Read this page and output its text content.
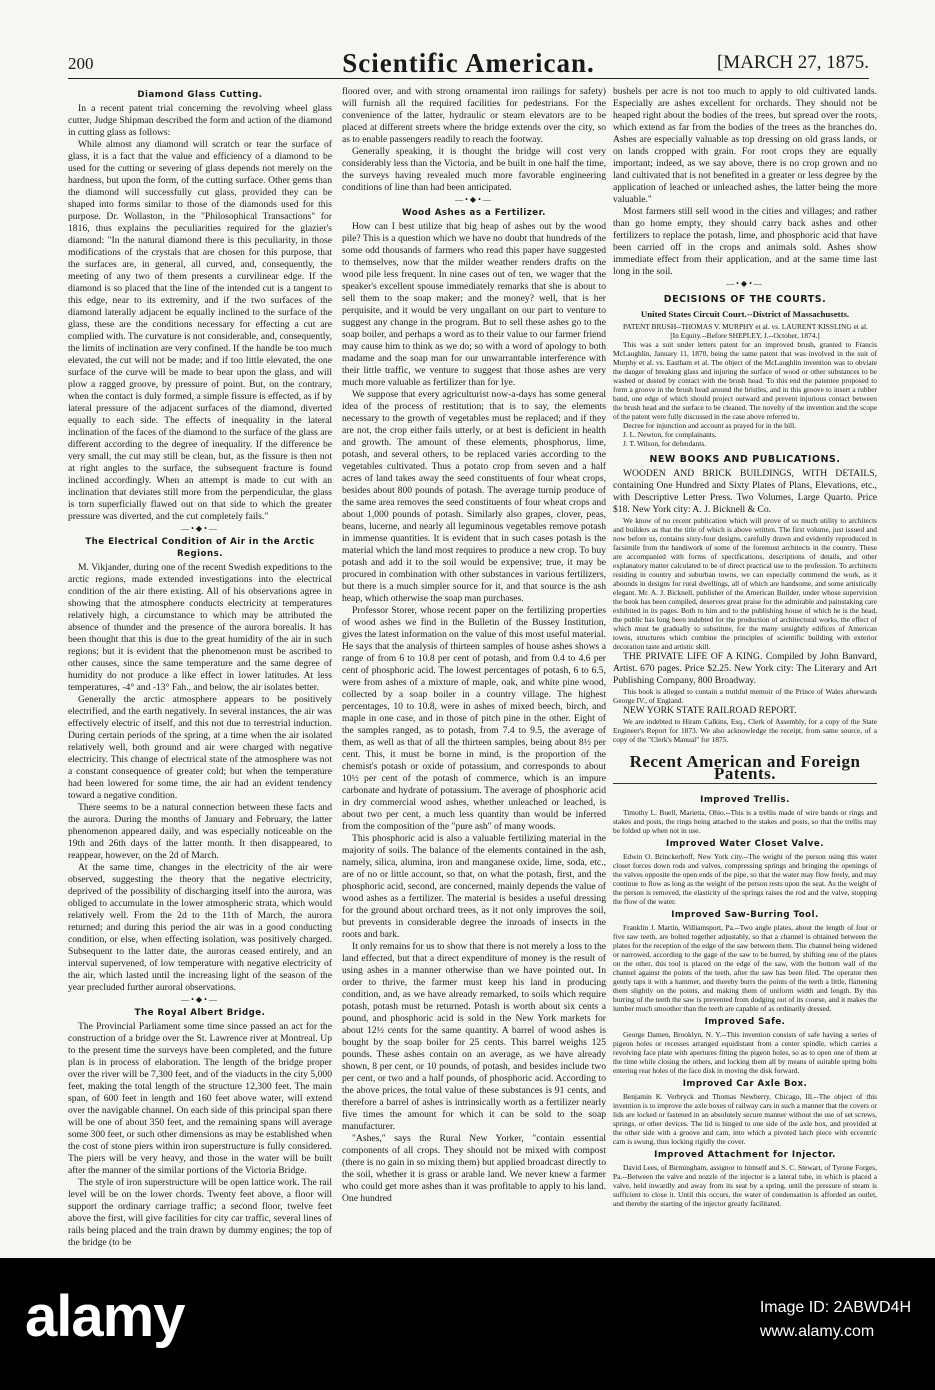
200	Scientific American.	[MARCH 27, 1875.
Diamond Glass Cutting.

In a recent patent trial concerning the revolving wheel glass cutter, Judge Shipman described the form and action of the diamond in cutting glass as follows:

While almost any diamond will scratch or tear the surface of glass, it is a fact that the value and efficiency of a diamond to be used for the cutting or severing of glass depends not merely on the hardness, but upon the form, of the cutting surface. Other gems than the diamond will successfully cut glass, provided they can be shaped into forms similar to those of the diamonds used for this purpose. Dr. Wollaston, in the "Philosophical Transactions" for 1816, thus explains the peculiarities required for the glazier's diamond: "In the natural diamond there is this peculiarity, in those modifications of the crystals that are chosen for this purpose, that the surfaces are, in general, all curved, and, consequently, the meeting of any two of them presents a curvilinear edge. If the diamond is so placed that the line of the intended cut is a tangent to this edge, near to its extremity, and if the two surfaces of the diamond laterally adjacent be equally inclined to the surface of the glass, these are the conditions necessary for effecting a cut are complied with. The curvature is not considerable, and, consequently, the limits of inclination are very confined. If the handle be too much elevated, the cut will not be made; and if too little elevated, the one surface of the curve will be made to bear upon the glass, and will plow a ragged groove, by pressure of point. But, on the contrary, when the contact is duly formed, a simple fissure is effected, as if by lateral pressure of the adjacent surfaces of the diamond, diverted equally to each side. The effects of inequality in the lateral inclination of the faces of the diamond to the surface of the glass are different according to the degree of inequality. If the difference be very small, the cut may still be clean, but, as the fissure is then not at right angles to the surface, the subsequent fracture is found inclined accordingly. When an attempt is made to cut with an inclination that deviates still more from the perpendicular, the glass is torn superficially flawed out on that side to which the greater pressure was diverted, and the cut completely fails."

—•◆•—
The Electrical Condition of Air in the Arctic Regions.

M. Vikjander, during one of the recent Swedish expeditions to the arctic regions, made extended investigations into the electrical condition of the air there existing. All of his observations agree in showing that the atmosphere conducts electricity at temperatures relatively high, a circumstance to which may be attributed the absence of thunder and the presence of the aurora borealis. It has been thought that this is due to the great humidity of the air in such regions; but it is evident that the phenomenon must be ascribed to other causes, since the same temperature and the same degree of humidity do not produce a like effect in lower latitudes. At less temperatures, -4° and -13° Fah., and below, the air isolates better.

Generally the arctic atmosphere appears to be positively electrified, and the earth negatively. In several instances, the air was effectively electric of itself, and this not due to terrestrial induction. During certain periods of the spring, at a time when the air isolated relatively well, both ground and air were charged with negative electricity. This change of electrical state of the atmosphere was not a constant consequence of greater cold; but when the temperature had been lowered for some time, the air had an evident tendency toward a negative condition.

There seems to be a natural connection between these facts and the aurora. During the months of January and February, the latter phenomenon appeared daily, and was especially noticeable on the 19th and 26th days of the latter month. It then disappeared, to reappear, however, on the 2d of March.

At the same time, changes in the electricity of the air were observed, suggesting the theory that the negative electricity, deprived of the possibility of discharging itself into the aurora, was obliged to accumulate in the lower atmospheric strata, which would relatively well. From the 2d to the 11th of March, the aurora returned; and during this period the air was in a good conducting condition, or else, when effecting isolation, was positively charged. Subsequent to the latter date, the auroras ceased entirely, and an interval supervened, of low temperature with negative electricity of the air, which lasted until the increasing light of the season of the year precluded further auroral observations.

—•◆•—
The Royal Albert Bridge.

The Provincial Parliament some time since passed an act for the construction of a bridge over the St. Lawrence river at Montreal. Up to the present time the surveys have been completed, and the future plan is in process of elaboration. The length of the bridge proper over the river will be 7,300 feet, and of the viaducts in the city 5,000 feet, making the total length of the structure 12,300 feet. The main span, of 600 feet in length and 160 feet above water, will extend over the navigable channel. On each side of this principal span there will be one of about 350 feet, and the remaining spans will average some 300 feet, or such other dimensions as may be established when the cost of stone piers within iron superstructure is fully considered. The piers will be very heavy, and those in the water will be built after the manner of the similar portions of the Victoria Bridge.

The style of iron superstructure will be open lattice work. The rail level will be on the lower chords. Twenty feet above, a floor will support the ordinary carriage traffic; a second floor, twelve feet above the first, will give facilities for city car traffic, several lines of rails being placed and the train drawn by dummy engines; the top of the bridge (to be

floored over, and with strong ornamental iron railings for safety) will furnish all the required facilities for pedestrians. For the convenience of the latter, hydraulic or steam elevators are to be placed at different streets where the bridge extends over the city, so as to enable passengers readily to reach the footway.

Generally speaking, it is thought the bridge will cost very considerably less than the Victoria, and be built in one half the time, the surveys having revealed much more favorable engineering conditions of line than had been anticipated.

—•◆•—
Wood Ashes as a Fertilizer.

How can I best utilize that big heap of ashes out by the wood pile? This is a question which we have no doubt that hundreds of the some odd thousands of farmers who read this paper have suggested to themselves, now that the milder weather renders drafts on the wood pile less frequent. In nine cases out of ten, we wager that the speaker's excellent spouse immediately remarks that she is about to sell them to the soap maker; and the money? well, that is her perquisite, and it would be very ungallant on our part to venture to suggest any change in the program. But to sell these ashes go to the soap boiler, and perhaps a word as to their value to our farmer friend may cause him to think as we do; so with a word of apology to both madame and the soap man for our unwarrantable interference with their little traffic, we venture to suggest that those ashes are very much more valuable as fertilizer than for lye.

We suppose that every agriculturist now-a-days has some general idea of the process of restitution; that is to say, the elements necessary to the growth of vegetables must be replaced; and if they are not, the crop either fails utterly, or at best is deficient in health and growth. The amount of these elements, phosphorus, lime, potash, and several others, to be replaced varies according to the vegetables cultivated. Thus a potato crop from seven and a half acres of land takes away the seed constituents of four wheat crops, besides about 800 pounds of potash. The average turnip produce of the same area removes the seed constituents of four wheat crops and about 1,000 pounds of potash. Similarly also grapes, clover, peas, beans, lucerne, and nearly all leguminous vegetables remove potash in immense quantities. It is evident that in such cases potash is the material which the land most requires to produce a new crop. To buy potash and add it to the soil would be expensive; true, it may be procured in combination with other substances in various fertilizers, but there is a much simpler source for it, and that source is the ash heap, which otherwise the soap man purchases.

Professor Storer, whose recent paper on the fertilizing properties of wood ashes we find in the Bulletin of the Bussey Institution, gives the latest information on the value of this most useful material. He says that the analysis of thirteen samples of house ashes shows a range of from 6 to 10.8 per cent of potash, and from 0.4 to 4.6 per cent of phosphoric acid. The lowest percentages of potash, 6 to 6.5, were from ashes of a mixture of maple, oak, and white pine wood, collected by a soap boiler in a country village. The highest percentages, 10 to 10.8, were in ashes of mixed beech, birch, and maple in one case, and in those of pitch pine in the other. Eight of the samples ranged, as to potash, from 7.4 to 9.5, the average of them, as well as that of all the thirteen samples, being about 8½ per cent. This, it must be borne in mind, is the proportion of the chemist's potash or oxide of potassium, and corresponds to about 10½ per cent of the potash of commerce, which is an impure carbonate and hydrate of potassium. The average of phosphoric acid in dry commercial wood ashes, whether unleached or leached, is about two per cent, a much less quantity than would be inferred from the composition of the "pure ash" of many woods.

This phosphoric acid is also a valuable fertilizing material in the majority of soils. The balance of the elements contained in the ash, namely, silica, alumina, iron and manganese oxide, lime, soda, etc., are of no or little account, so that, on what the potash, first, and the phosphoric acid, second, are concerned, mainly depends the value of wood ashes as a fertilizer. The material is besides a useful dressing for the ground about orchard trees, as it not only improves the soil, but prevents in considerable degree the inroads of insects in the roots and bark.

It only remains for us to show that there is not merely a loss to the land effected, but that a direct expenditure of money is the result of using ashes in a manner otherwise than we have pointed out. In order to thrive, the farmer must keep his land in producing condition, and, as we have already remarked, to soils which require potash, potash must be returned. Potash is worth about six cents a pound, and phosphoric acid is sold in the New York markets for about 12½ cents for the same quantity. A barrel of wood ashes is bought by the soap boiler for 25 cents. This barrel weighs 125 pounds. These ashes contain on an average, as we have already shown, 8 per cent, or 10 pounds, of potash, and besides include two per cent, or two and a half pounds, of phosphoric acid. According to the above prices, the total value of these substances is 91 cents, and therefore a barrel of ashes is intrinsically worth as a fertilizer nearly five times the amount for which it can be sold to the soap manufacturer.

"Ashes," says the Rural New Yorker, "contain essential components of all crops. They should not be mixed with compost (there is no gain in so mixing them) but applied broadcast directly to the soil, whether it is grass or arable land. We never knew a farmer who could get more ashes than it was profitable to apply to his land. One hundred

bushels per acre is not too much to apply to old cultivated lands. Especially are ashes excellent for orchards. They should not be heaped right about the bodies of the trees, but spread over the roots, which extend as far from the bodies of the trees as the branches do. Ashes are especially valuable as top dressing on old grass lands, or on lands cropped with grain. For root crops they are equally important; indeed, as we say above, there is no crop grown and no land cultivated that is not benefited in a greater or less degree by the application of leached or unleached ashes, the latter being the more valuable."

Most farmers still sell wood in the cities and villages; and rather than go home empty, they should carry back ashes and other fertilizers to replace the potash, lime, and phosphoric acid that have been carried off in the crops and animals sold. Ashes show immediate effect from their application, and at the same time last long in the soil.

—•◆•—
DECISIONS OF THE COURTS.
United States Circuit Court.--District of Massachusetts.

PATENT BRUSH--THOMAS V. MURPHY et al. vs. LAURENT KISSLING et al.

[In Equity.--Before SHEPLEY, J.--October, 1874.]

This was a suit under letters patent for an improved brush, granted to Francis McLaughlin, January 11, 1870, being the same patent that was involved in the suit of Murphy et al. vs. Eastham et al. The object of the McLaughlin invention was to obviate the danger of breaking glass and injuring the surface of wood or other substances to be washed or dusted by contact with the brush head. To this end the patentee proposed to form a groove in the brush head around the bristles, and in this groove to insert a rubber band, one edge of which should project outward and prevent injurious contact between the brush head and the surface to be cleaned. The novelty of the invention and the scope of the patent were fully discussed in the case above referred to.

Decree for injunction and account as prayed for in the bill.

J. L. Newton, for complainants.

J. T. Wilson, for defendants.

NEW BOOKS AND PUBLICATIONS.

WOODEN AND BRICK BUILDINGS, WITH DETAILS, containing One Hundred and Sixty Plates of Plans, Elevations, etc., with Descriptive Letter Press. Two Volumes, Large Quarto. Price $18. New York city: A. J. Bicknell & Co.

We know of no recent publication which will prove of so much utility to architects and builders as that the title of which is above written. The first volume, just issued and now before us, contains sixty-four designs, carefully drawn and evidently reproduced in facsimile from the handiwork of some of the foremost architects in the country. These are accompanied with forms of specifications, descriptions of details, and other explanatory matter calculated to be of direct practical use to the profession. To architects residing in country and suburban towns, we can especially commend the work, as it abounds in designs for rural dwellings, all of which are handsome, and some artistically elegant. Mr. A. J. Bicknell, publisher of the American Builder, under whose supervision the book has been compiled, deserves great praise for the admirable and painstaking care exhibited in its pages. Both to him and to the publishing house of which he is the head, the public has long been indebted for the production of architectural works, the effect of which must be gradually to substitute, for the many unsightly edifices of American towns, structures which combine the principles of scientific building with exterior decoration taste and artistic skill.

THE PRIVATE LIFE OF A KING. Compiled by John Banvard, Artist. 670 pages. Price $2.25. New York city: The Literary and Art Publishing Company, 800 Broadway.

This book is alleged to contain a truthful memoir of the Prince of Wales afterwards George IV., of England.

NEW YORK STATE RAILROAD REPORT.

We are indebted to Hiram Calkins, Esq., Clerk of Assembly, for a copy of the State Engineer's Report for 1873. We also acknowledge the receipt, from same source, of a copy of the "Clerk's Manual" for 1875.

Recent American and Foreign Patents.
Improved Trellis.

Timothy L. Buell, Marietta, Ohio.--This is a trellis made of wire bands or rings and stakes and posts, the rings being attached to the stakes and posts, so that the trellis may be folded up when not in use.

Improved Water Closet Valve.

Edwin O. Brinckerhoff, New York city.--The weight of the person using this water closet forces down rods and valves, compressing springs and bringing the openings of the valves opposite the open ends of the pipe, so that the water may flow freely, and may continue to flow as long as the weight of the person rests upon the seat. As the weight of the person is removed, the elasticity of the springs raises the rod and the valve, stopping the flow of the water.

Improved Saw-Burring Tool.

Franklin J. Martin, Williamsport, Pa.--Two angle plates, about the length of four or five saw teeth, are bolted together adjustably, so that a channel is obtained between the plates for the reception of the edge of the saw between them. The channel being widened or narrowed, according to the gage of the saw to be burred, by shifting one of the plates on the other, this tool is placed on the edge of the saw, with the bottom wall of the channel against the points of the teeth, after the saw has been filed. The operator then gently taps it with a hammer, and thereby burrs the points of the teeth a little, flattening them slightly on the points, and making them of uniform width and length. By this burring of the teeth the saw is prevented from dodging out of its course, and it makes the lumber much smoother than the teeth are capable of as ordinarily dressed.

Improved Safe.

George Damen, Brooklyn, N. Y.--This invention consists of safe having a series of pigeon holes or recesses arranged equidistant from a center spindle, which carries a revolving face plate with apertures fitting the pigeon holes, so as to open one of them at the time while closing the others, and locking them all by means of suitable spring bolts entering rear holes of the face disk in moving the disk forward.

Improved Car Axle Box.

Benjamin K. Verbryck and Thomas Newberry, Chicago, Ill.--The object of this invention is to improve the axle boxes of railway cars in such a manner that the covers or lids are locked or fastened in an absolutely secure manner without the use of set screws, springs, or other devices. The lid is hinged to one side of the axle box, and provided at the other side with a groove and cam, into which a pivoted latch piece with eccentric cam is swung, thus locking rigidly the cover.

Improved Attachment for Injector.

David Lees, of Birmingham, assignor to himself and S. C. Stewart, of Tyrone Forges, Pa.--Between the valve and nozzle of the injector is a lateral tube, in which is placed a valve, held inwardly and away from its seat by a spring, until the pressure of steam is sufficient to close it. Until this occurs, the water of condensation is afforded an outlet, and thereby the starting of the injector greatly facilitated.

alamy	Image ID: 2ABWD4H
www.alamy.com
